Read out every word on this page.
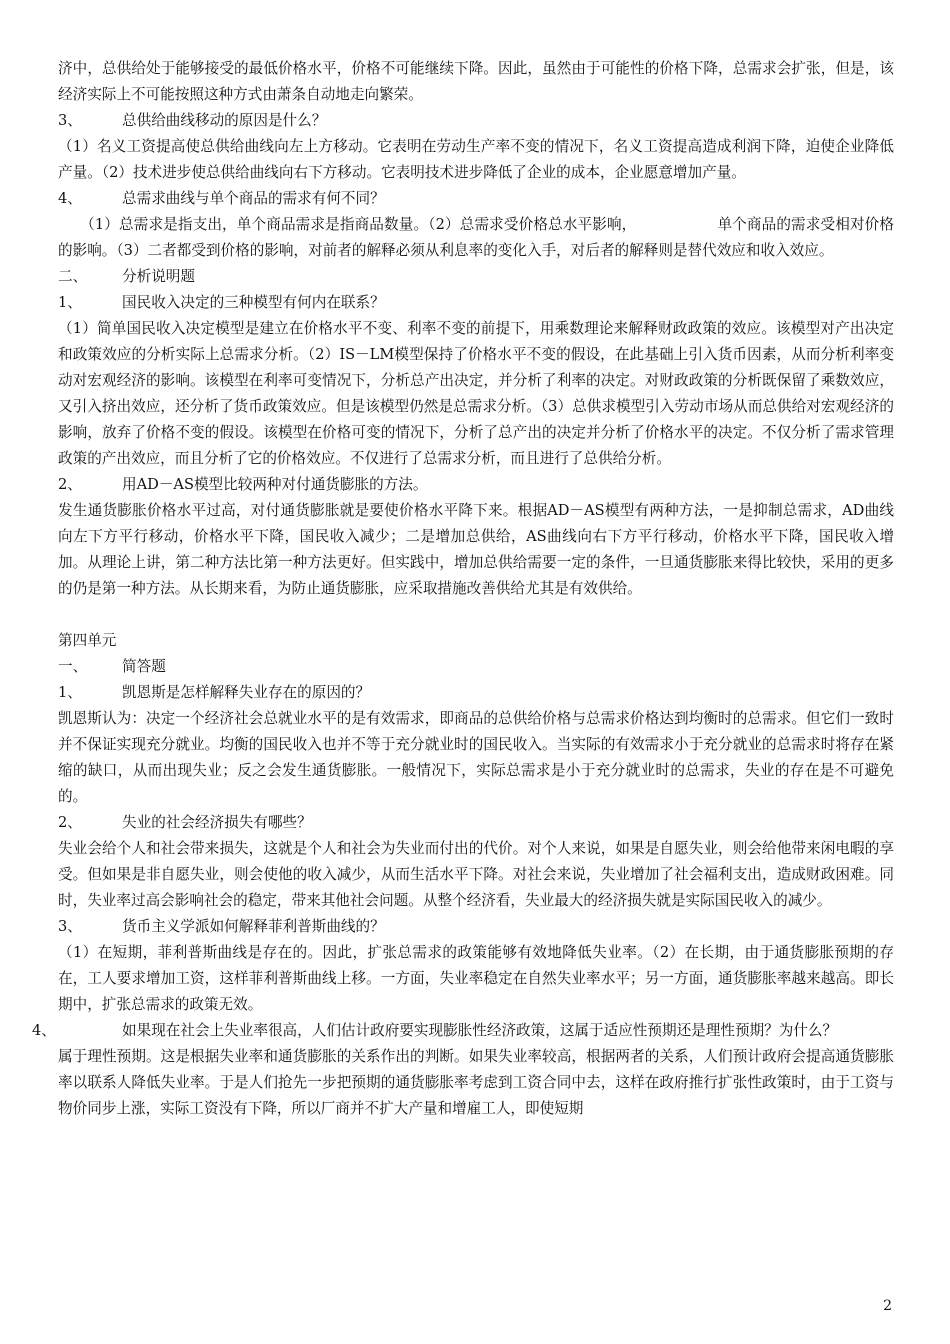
济中，总供给处于能够接受的最低价格水平，价格不可能继续下降。因此，虽然由于可能性的价格下降，总需求会扩张，但是，该经济实际上不可能按照这种方式由萧条自动地走向繁荣。

3、	总供给曲线移动的原因是什么？

（1）名义工资提高使总供给曲线向左上方移动。它表明在劳动生产率不变的情况下，名义工资提高造成利润下降，迫使企业降低产量。（2）技术进步使总供给曲线向右下方移动。它表明技术进步降低了企业的成本，企业愿意增加产量。

4、	总需求曲线与单个商品的需求有何不同？

　　（1）总需求是指支出，单个商品需求是指商品数量。（2）总需求受价格总水平影响，　　　　　　单个商品的需求受相对价格的影响。（3）二者都受到价格的影响，对前者的解释必须从利息率的变化入手，对后者的解释则是替代效应和收入效应。

二、 分析说明题

1、	国民收入决定的三种模型有何内在联系？

（1）简单国民收入决定模型是建立在价格水平不变、利率不变的前提下，用乘数理论来解释财政政策的效应。该模型对产出决定和政策效应的分析实际上总需求分析。（2）IS－LM模型保持了价格水平不变的假设，在此基础上引入货币因素，从而分析利率变动对宏观经济的影响。该模型在利率可变情况下，分析总产出决定，并分析了利率的决定。对财政政策的分析既保留了乘数效应，又引入挤出效应，还分析了货币政策效应。但是该模型仍然是总需求分析。（3）总供求模型引入劳动市场从而总供给对宏观经济的影响，放弃了价格不变的假设。该模型在价格可变的情况下，分析了总产出的决定并分析了价格水平的决定。不仅分析了需求管理政策的产出效应，而且分析了它的价格效应。不仅进行了总需求分析，而且进行了总供给分析。

2、	用AD－AS模型比较两种对付通货膨胀的方法。

发生通货膨胀价格水平过高，对付通货膨胀就是要使价格水平降下来。根据AD－AS模型有两种方法，一是抑制总需求，AD曲线向左下方平行移动，价格水平下降，国民收入减少；二是增加总供给，AS曲线向右下方平行移动，价格水平下降，国民收入增加。从理论上讲，第二种方法比第一种方法更好。但实践中，增加总供给需要一定的条件，一旦通货膨胀来得比较快，采用的更多的仍是第一种方法。从长期来看，为防止通货膨胀，应采取措施改善供给尤其是有效供给。

第四单元

一、 简答题

1、	凯恩斯是怎样解释失业存在的原因的？

凯恩斯认为：决定一个经济社会总就业水平的是有效需求，即商品的总供给价格与总需求价格达到均衡时的总需求。但它们一致时并不保证实现充分就业。均衡的国民收入也并不等于充分就业时的国民收入。当实际的有效需求小于充分就业的总需求时将存在紧缩的缺口，从而出现失业；反之会发生通货膨胀。一般情况下，实际总需求是小于充分就业时的总需求，失业的存在是不可避免的。

2、	失业的社会经济损失有哪些？

失业会给个人和社会带来损失，这就是个人和社会为失业而付出的代价。对个人来说，如果是自愿失业，则会给他带来闲电暇的享受。但如果是非自愿失业，则会使他的收入减少，从而生活水平下降。对社会来说，失业增加了社会福利支出，造成财政困难。同时，失业率过高会影响社会的稳定，带来其他社会问题。从整个经济看，失业最大的经济损失就是实际国民收入的减少。

3、	货币主义学派如何解释菲利普斯曲线的？

（1）在短期，菲利普斯曲线是存在的。因此，扩张总需求的政策能够有效地降低失业率。（2）在长期，由于通货膨胀预期的存在，工人要求增加工资，这样菲利普斯曲线上移。一方面，失业率稳定在自然失业率水平；另一方面，通货膨胀率越来越高。即长期中，扩张总需求的政策无效。

4、	如果现在社会上失业率很高，人们估计政府要实现膨胀性经济政策，这属于适应性预期还是理性预期？为什么？

属于理性预期。这是根据失业率和通货膨胀的关系作出的判断。如果失业率较高，根据两者的关系，人们预计政府会提高通货膨胀率以联系人降低失业率。于是人们抢先一步把预期的通货膨胀率考虑到工资合同中去，这样在政府推行扩张性政策时，由于工资与物价同步上涨，实际工资没有下降，所以厂商并不扩大产量和增雇工人，即使短期

2
